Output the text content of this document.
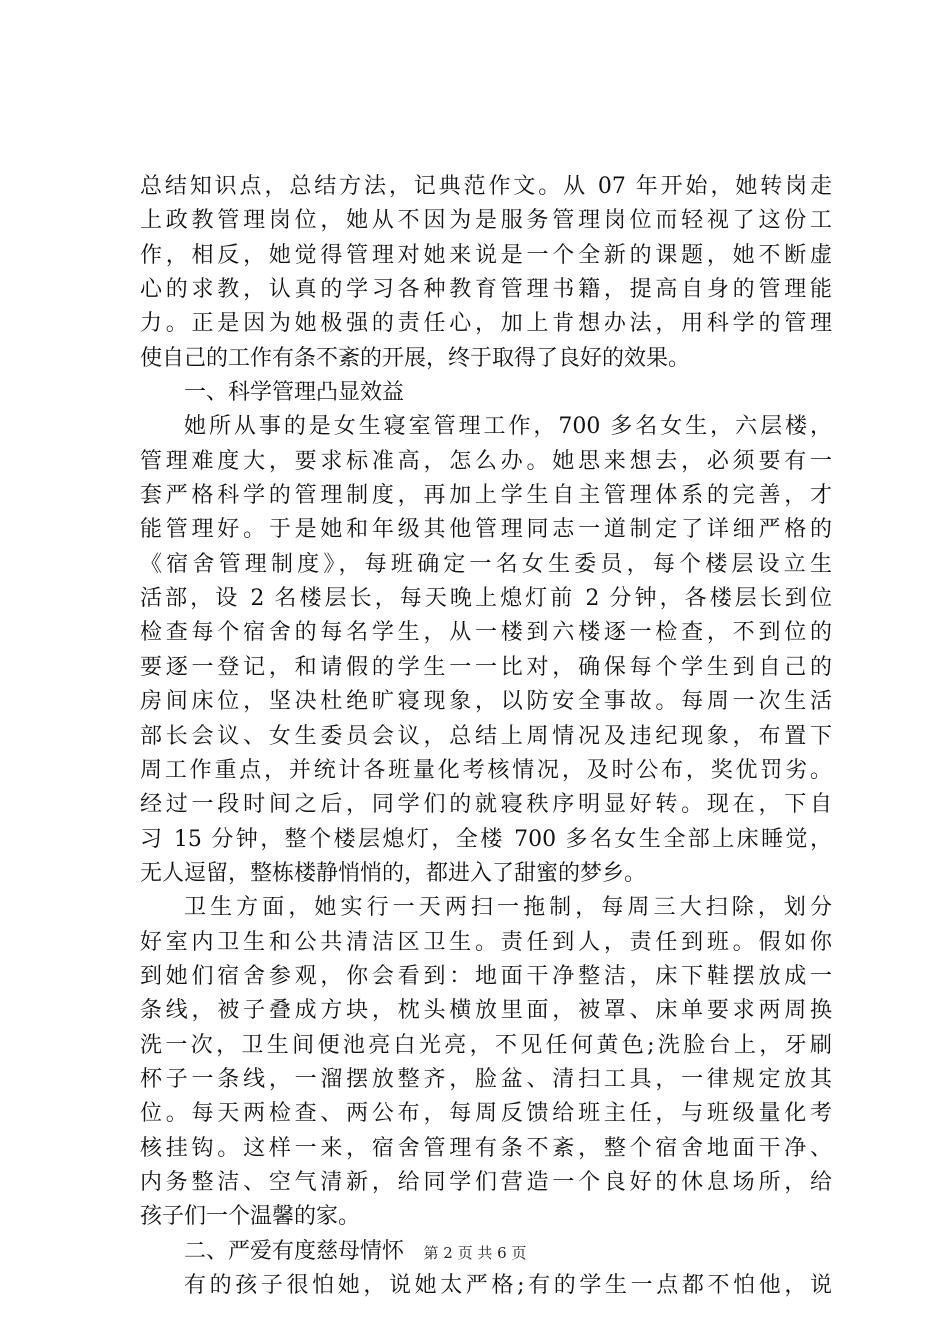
总结知识点，总结方法，记典范作文。从 07 年开始，她转岗走
上政教管理岗位，她从不因为是服务管理岗位而轻视了这份工
作，相反，她觉得管理对她来说是一个全新的课题，她不断虚
心的求教，认真的学习各种教育管理书籍，提高自身的管理能
力。正是因为她极强的责任心，加上肯想办法，用科学的管理
使自己的工作有条不紊的开展，终于取得了良好的效果。
一、科学管理凸显效益
她所从事的是女生寝室管理工作，700 多名女生，六层楼，
管理难度大，要求标准高，怎么办。她思来想去，必须要有一
套严格科学的管理制度，再加上学生自主管理体系的完善，才
能管理好。于是她和年级其他管理同志一道制定了详细严格的
《宿舍管理制度》，每班确定一名女生委员，每个楼层设立生
活部，设 2 名楼层长，每天晚上熄灯前 2 分钟，各楼层长到位
检查每个宿舍的每名学生，从一楼到六楼逐一检查，不到位的
要逐一登记，和请假的学生一一比对，确保每个学生到自己的
房间床位，坚决杜绝旷寝现象，以防安全事故。每周一次生活
部长会议、女生委员会议，总结上周情况及违纪现象，布置下
周工作重点，并统计各班量化考核情况，及时公布，奖优罚劣。
经过一段时间之后，同学们的就寝秩序明显好转。现在，下自
习 15 分钟，整个楼层熄灯，全楼 700 多名女生全部上床睡觉，
无人逗留，整栋楼静悄悄的，都进入了甜蜜的梦乡。
卫生方面，她实行一天两扫一拖制，每周三大扫除，划分
好室内卫生和公共清洁区卫生。责任到人，责任到班。假如你
到她们宿舍参观，你会看到：地面干净整洁，床下鞋摆放成一
条线，被子叠成方块，枕头横放里面，被罩、床单要求两周换
洗一次，卫生间便池亮白光亮，不见任何黄色;洗脸台上，牙刷
杯子一条线，一溜摆放整齐，脸盆、清扫工具，一律规定放其
位。每天两检查、两公布，每周反馈给班主任，与班级量化考
核挂钩。这样一来，宿舍管理有条不紊，整个宿舍地面干净、
内务整洁、空气清新，给同学们营造一个良好的休息场所，给
孩子们一个温馨的家。
二、严爱有度慈母情怀
有的孩子很怕她，说她太严格;有的学生一点都不怕他，说
第 2 页 共 6 页
